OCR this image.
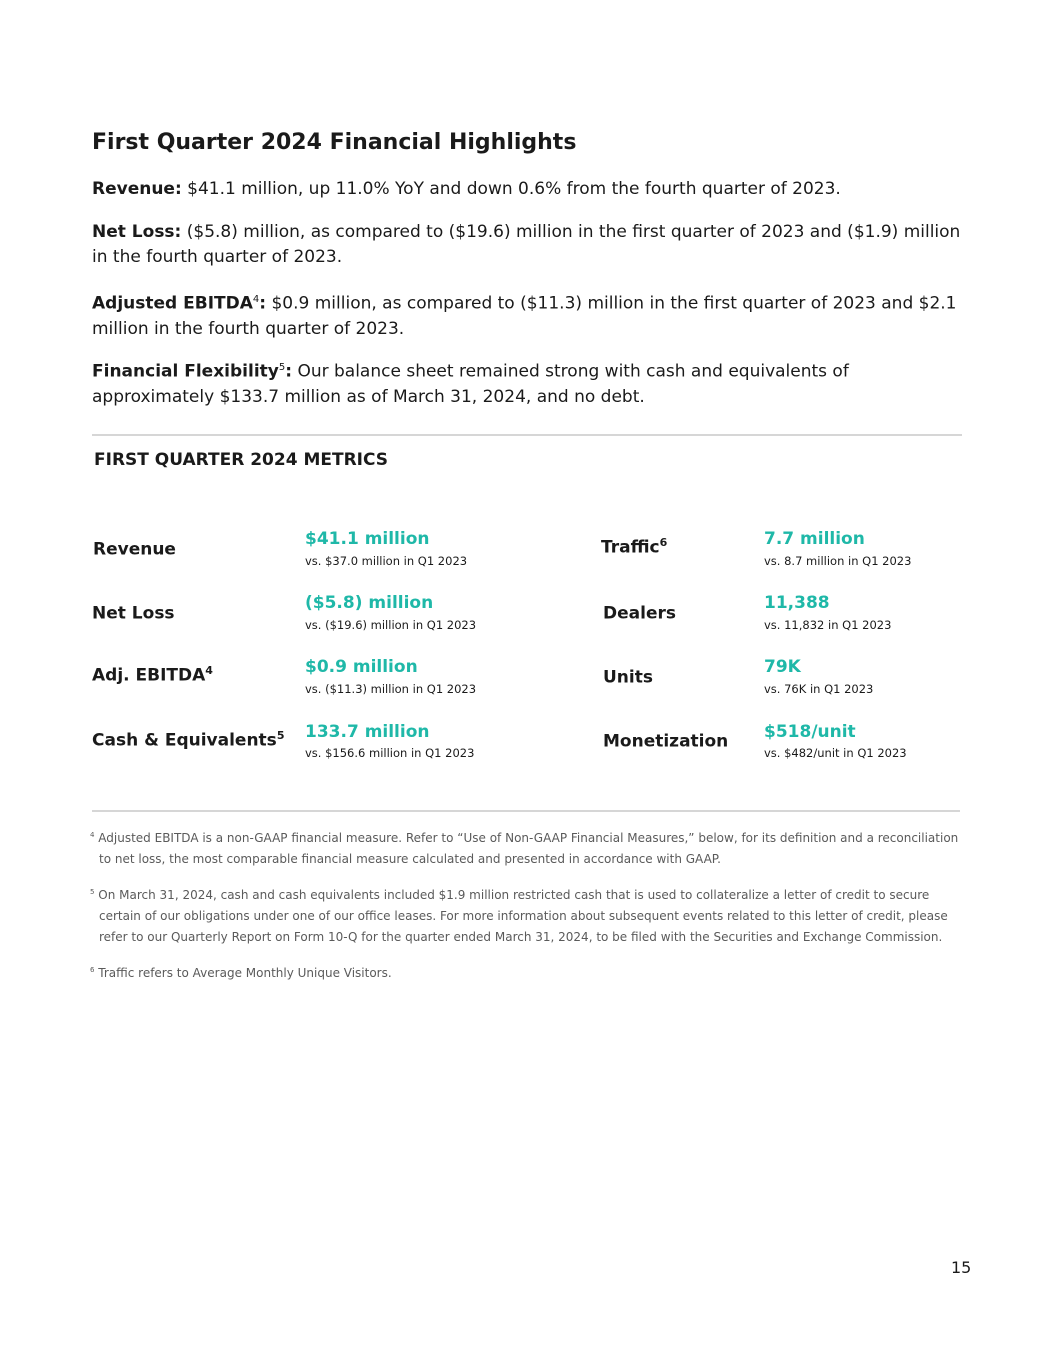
First Quarter 2024 Financial Highlights

Revenue: $41.1 million, up 11.0% YoY and down 0.6% from the fourth quarter of 2023.

Net Loss: ($5.8) million, as compared to ($19.6) million in the first quarter of 2023 and ($1.9) million in the fourth quarter of 2023.

Adjusted EBITDA$^4$: $0.9 million, as compared to ($11.3) million in the first quarter of 2023 and $2.1 million in the fourth quarter of 2023.

Financial Flexibility$^5$: Our balance sheet remained strong with cash and equivalents of approximately $133.7 million as of March 31, 2024, and no debt.

FIRST QUARTER 2024 METRICS
Revenue
$41.1 million
vs. $37.0 million in Q1 2023
Net Loss
($5.8) million
vs. ($19.6) million in Q1 2023
Adj. EBITDA$^4$	$0.9 million
vs. ($11.3) million in Q1 2023
Cash & Equivalents$^5$ 133.7 million
vs. $156.6 million in Q1 2023
Traffic$^6$	7.7 million
vs. 8.7 million in Q1 2023
Dealers
11,388
vs. 11,832 in Q1 2023
Units
79K
vs. 76K in Q1 2023
Monetization $518/unit
vs. $482/unit in Q1 2023

$^4$ Adjusted EBITDA is a non-GAAP financial measure. Refer to “Use of Non-GAAP Financial Measures,” below, for its definition and a reconciliation to net loss, the most comparable financial measure calculated and presented in accordance with GAAP.

$^5$ On March 31, 2024, cash and cash equivalents included $1.9 million restricted cash that is used to collateralize a letter of credit to secure certain of our obligations under one of our office leases. For more information about subsequent events related to this letter of credit, please refer to our Quarterly Report on Form 10-Q for the quarter ended March 31, 2024, to be filed with the Securities and Exchange Commission.

$^6$ Traffic refers to Average Monthly Unique Visitors.

15
